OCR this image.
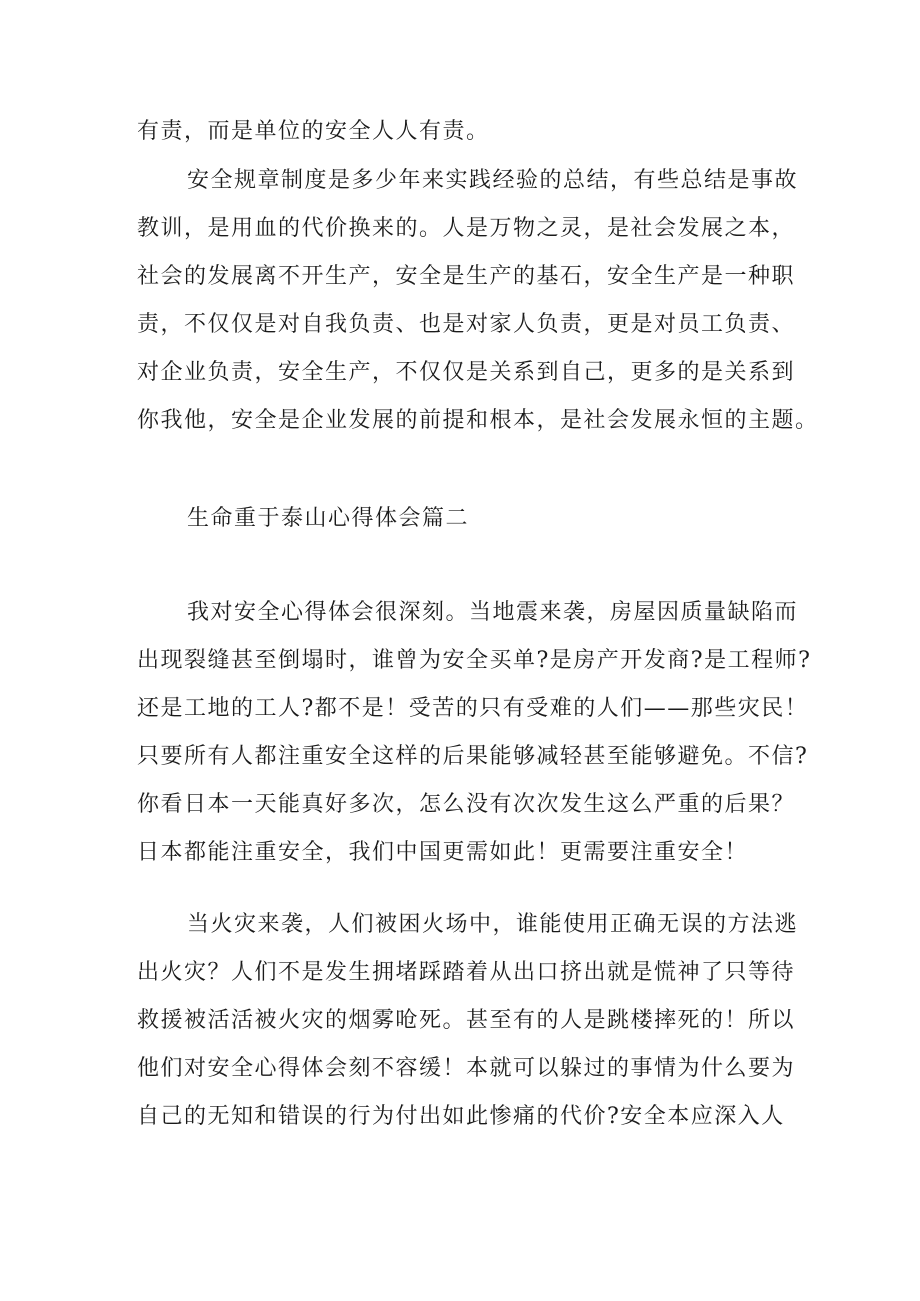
有责，而是单位的安全人人有责。
安全规章制度是多少年来实践经验的总结，有些总结是事故
教训，是用血的代价换来的。人是万物之灵，是社会发展之本，
社会的发展离不开生产，安全是生产的基石，安全生产是一种职
责，不仅仅是对自我负责、也是对家人负责，更是对员工负责、
对企业负责，安全生产，不仅仅是关系到自己，更多的是关系到
你我他，安全是企业发展的前提和根本，是社会发展永恒的主题。
生命重于泰山心得体会篇二
我对安全心得体会很深刻。当地震来袭，房屋因质量缺陷而
出现裂缝甚至倒塌时，谁曾为安全买单?是房产开发商?是工程师?
还是工地的工人?都不是！受苦的只有受难的人们——那些灾民！
只要所有人都注重安全这样的后果能够减轻甚至能够避免。不信?
你看日本一天能真好多次，怎么没有次次发生这么严重的后果？
日本都能注重安全，我们中国更需如此！更需要注重安全！
当火灾来袭，人们被困火场中，谁能使用正确无误的方法逃
出火灾？人们不是发生拥堵踩踏着从出口挤出就是慌神了只等待
救援被活活被火灾的烟雾呛死。甚至有的人是跳楼摔死的！所以
他们对安全心得体会刻不容缓！本就可以躲过的事情为什么要为
自己的无知和错误的行为付出如此惨痛的代价?安全本应深入人
